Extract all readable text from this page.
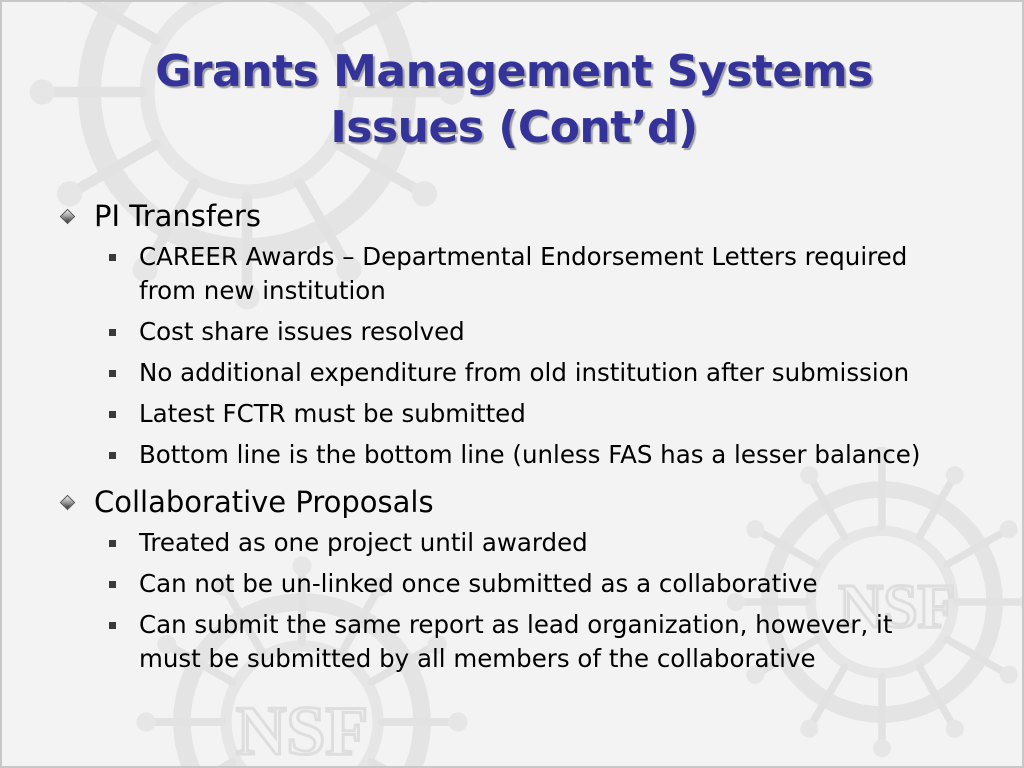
NSF
NSF
Grants Management Systems
Issues (Cont’d)
PI Transfers
CAREER Awards – Departmental Endorsement Letters required from new institution
Cost share issues resolved
No additional expenditure from old institution after submission
Latest FCTR must be submitted
Bottom line is the bottom line (unless FAS has a lesser balance)
Collaborative Proposals
Treated as one project until awarded
Can not be un-linked once submitted as a collaborative
Can submit the same report as lead organization, however, it must be submitted by all members of the collaborative
